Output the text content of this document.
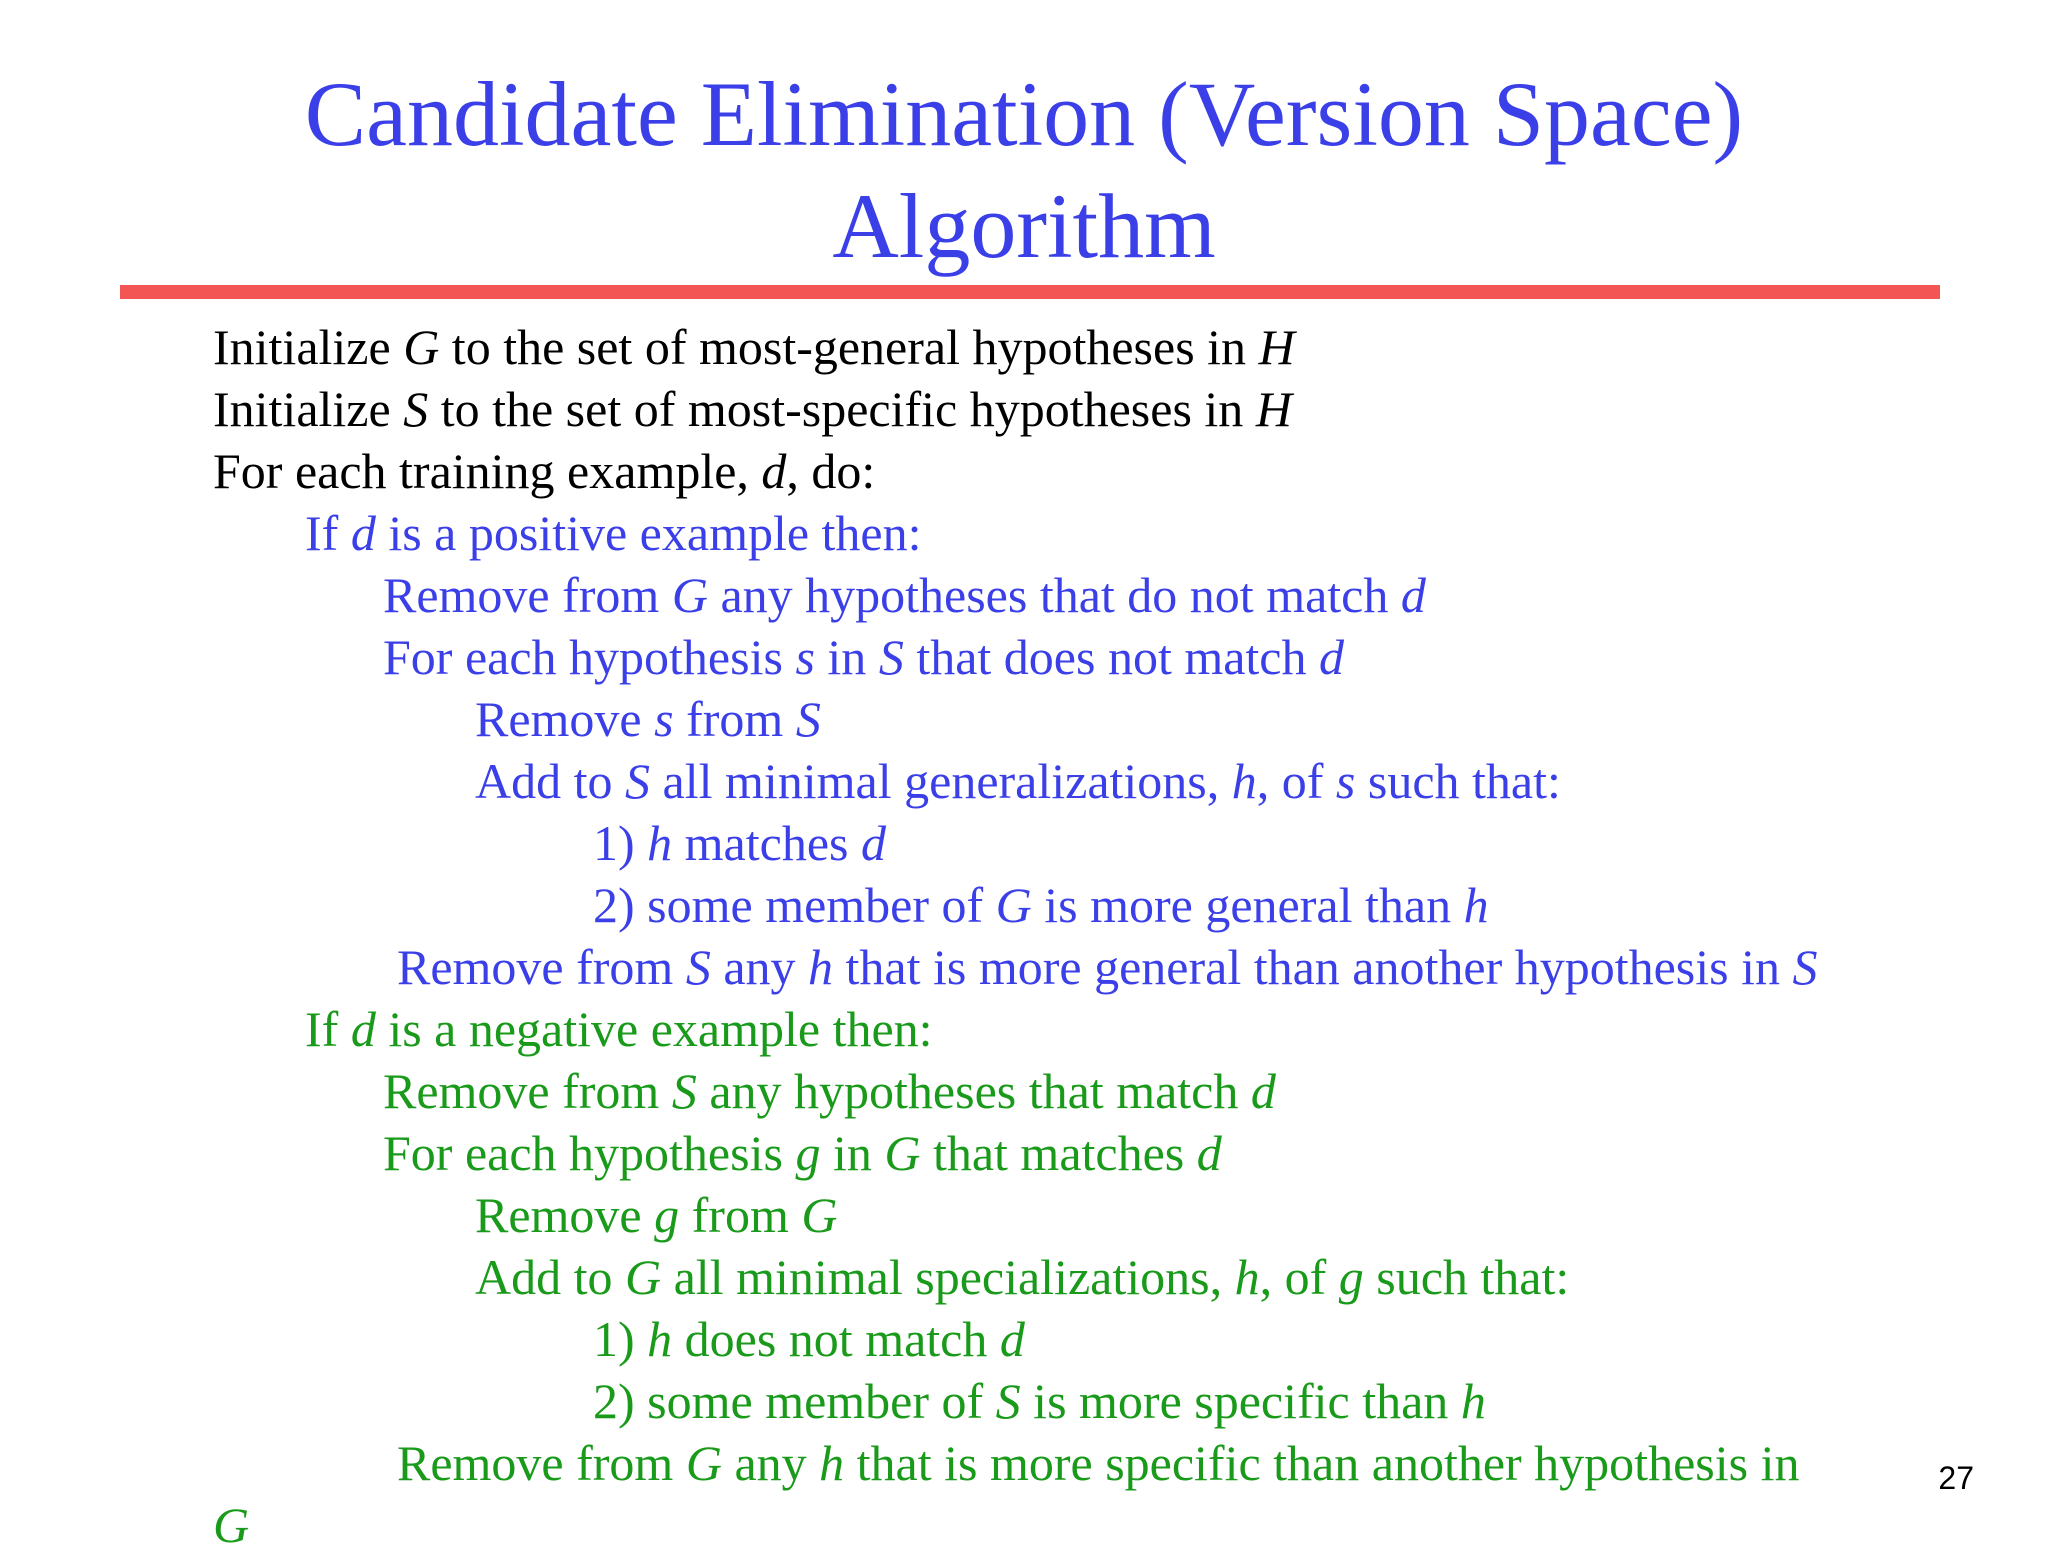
Candidate Elimination (Version Space)
Algorithm
Initialize G to the set of most-general hypotheses in H
Initialize S to the set of most-specific hypotheses in H
For each training example, d, do:
If d is a positive example then:
Remove from G any hypotheses that do not match d
For each hypothesis s in S that does not match d
Remove s from S
Add to S all minimal generalizations, h, of s such that:
1) h matches d
2) some member of G is more general than h
Remove from S any h that is more general than another hypothesis in S
If d is a negative example then:
Remove from S any hypotheses that match d
For each hypothesis g in G that matches d
Remove g from G
Add to G all minimal specializations, h, of g such that:
1) h does not match d
2) some member of S is more specific than h
Remove from G any h that is more specific than another hypothesis in
G
27
